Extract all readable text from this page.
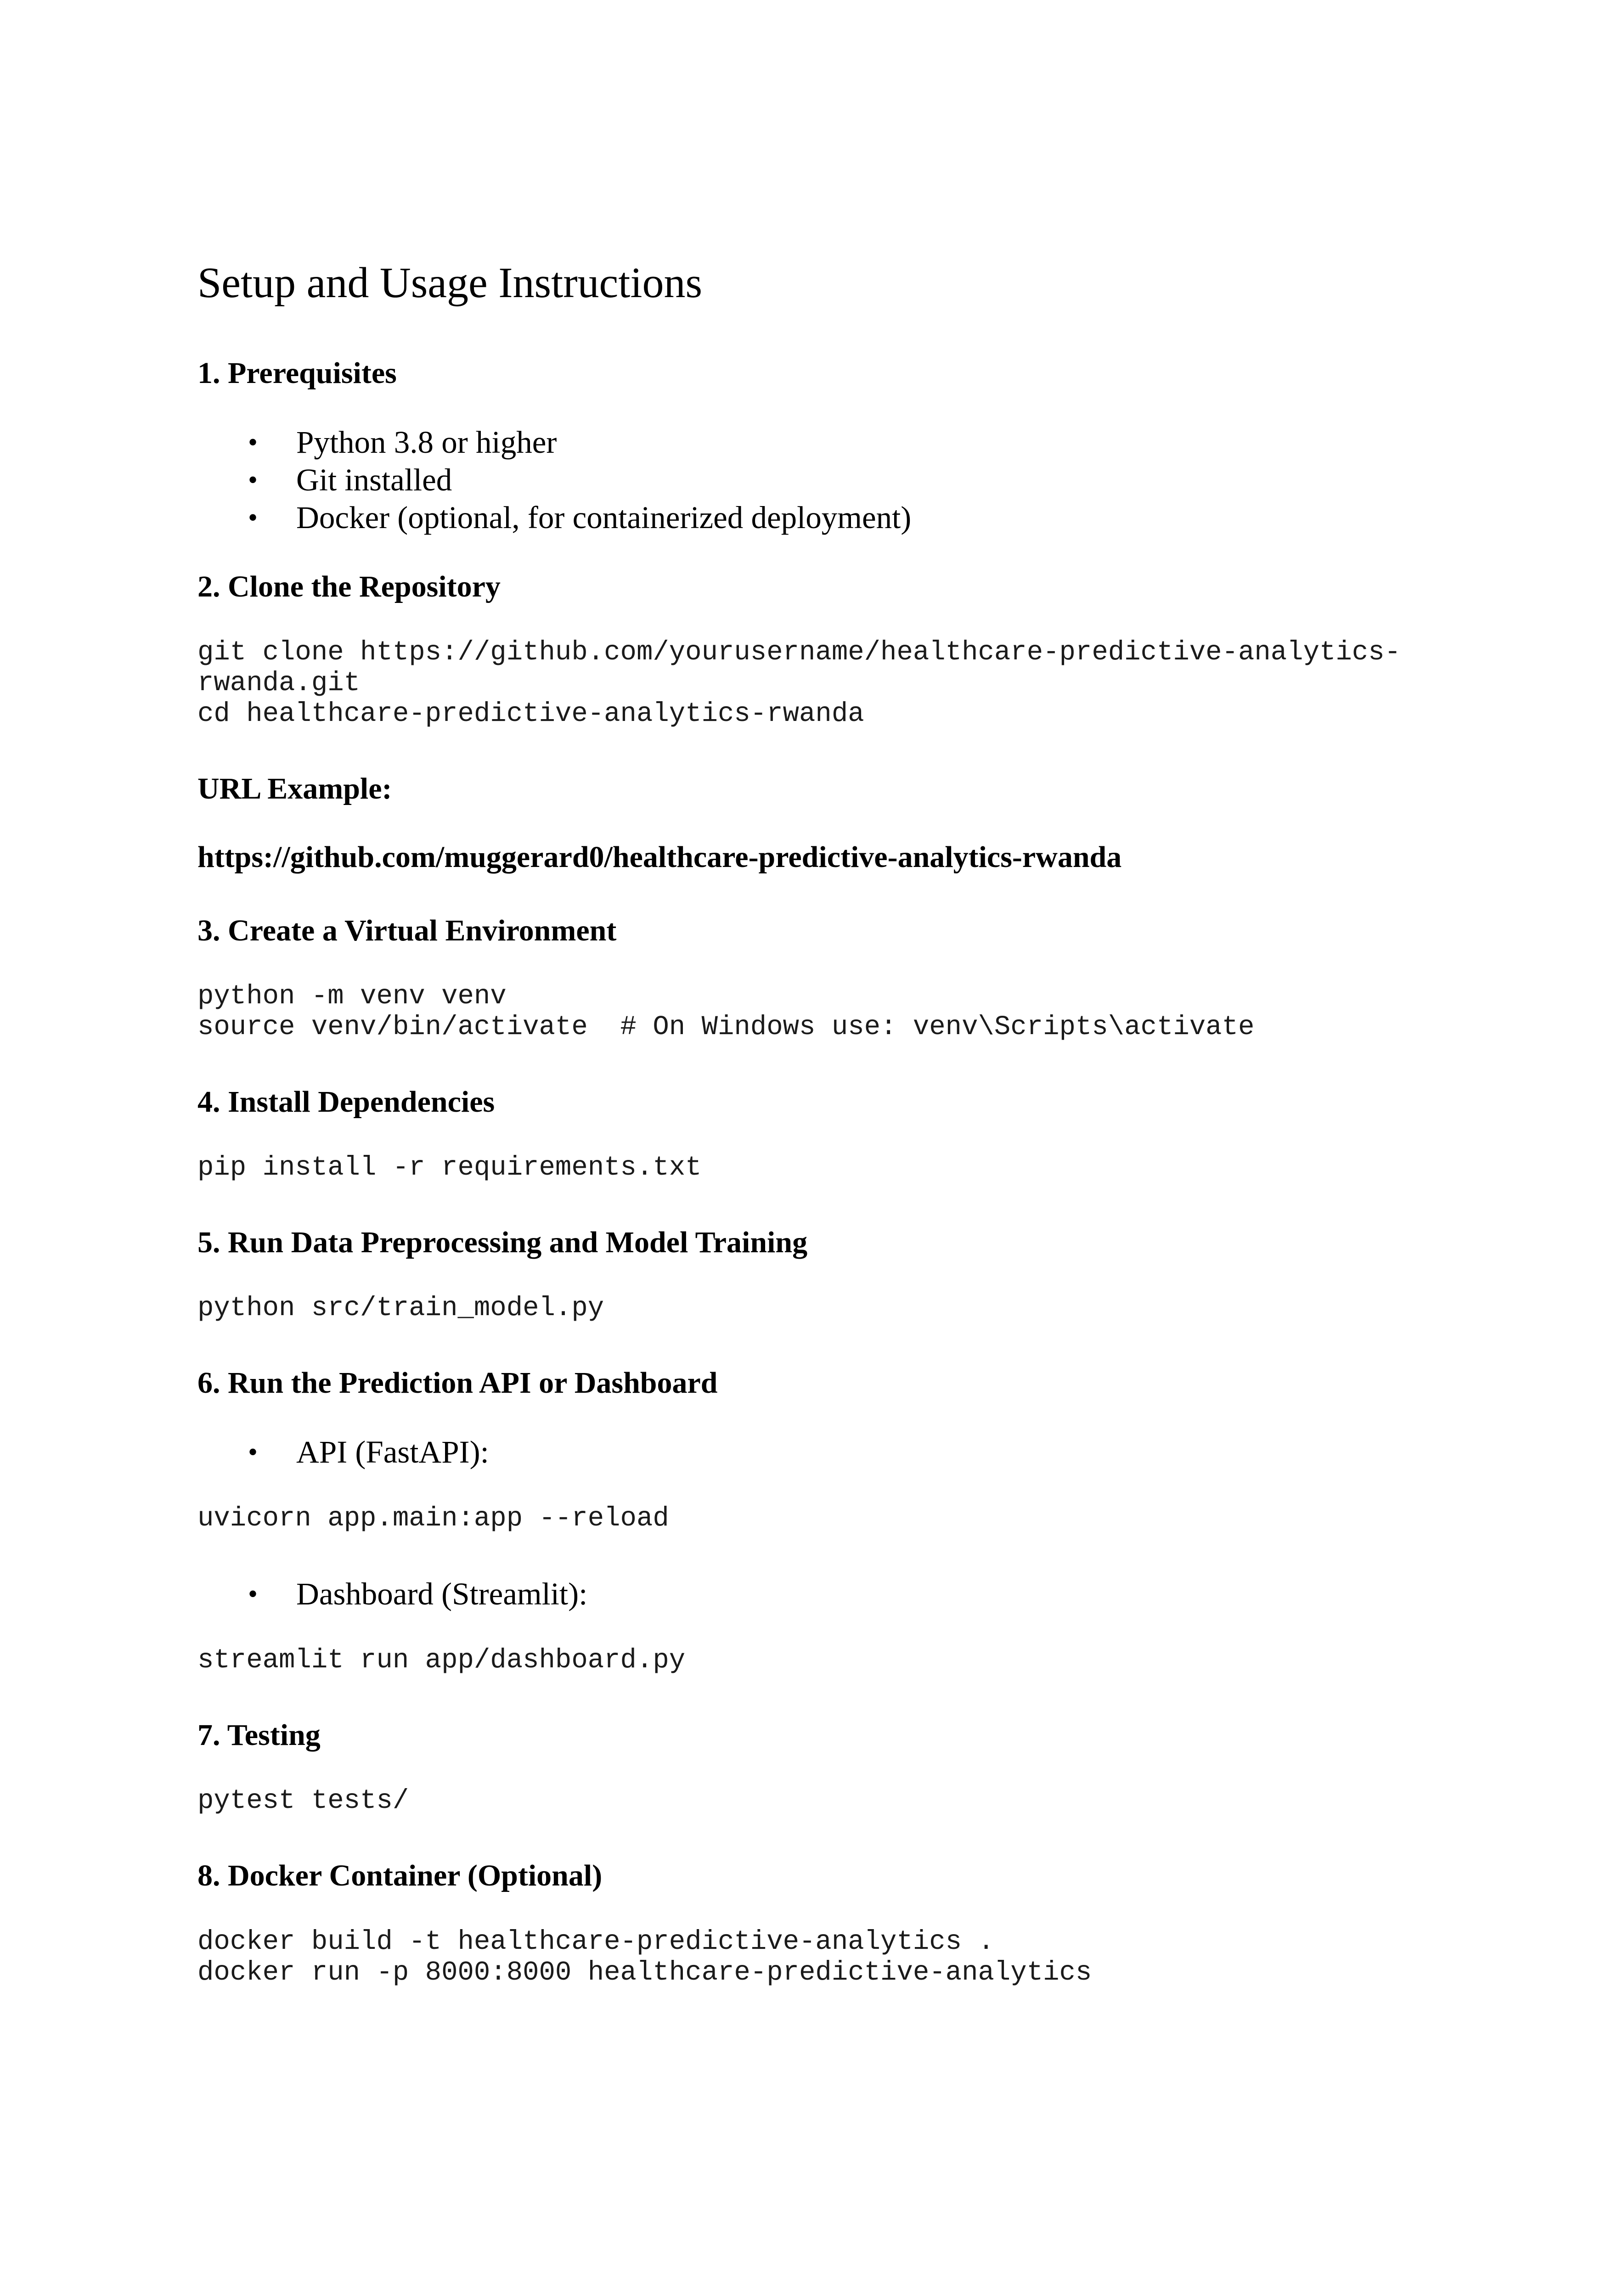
Setup and Usage Instructions
1. Prerequisites
• Python 3.8 or higher
• Git installed
• Docker (optional, for containerized deployment)
2. Clone the Repository
git clone https://github.com/yourusername/healthcare-predictive-analytics-
rwanda.git
cd healthcare-predictive-analytics-rwanda
URL Example:
https://github.com/muggerard0/healthcare-predictive-analytics-rwanda
3. Create a Virtual Environment
python -m venv venv
source venv/bin/activate  # On Windows use: venv\Scripts\activate
4. Install Dependencies
pip install -r requirements.txt
5. Run Data Preprocessing and Model Training
python src/train_model.py
6. Run the Prediction API or Dashboard
• API (FastAPI):
uvicorn app.main:app --reload
• Dashboard (Streamlit):
streamlit run app/dashboard.py
7. Testing
pytest tests/
8. Docker Container (Optional)
docker build -t healthcare-predictive-analytics .
docker run -p 8000:8000 healthcare-predictive-analytics
